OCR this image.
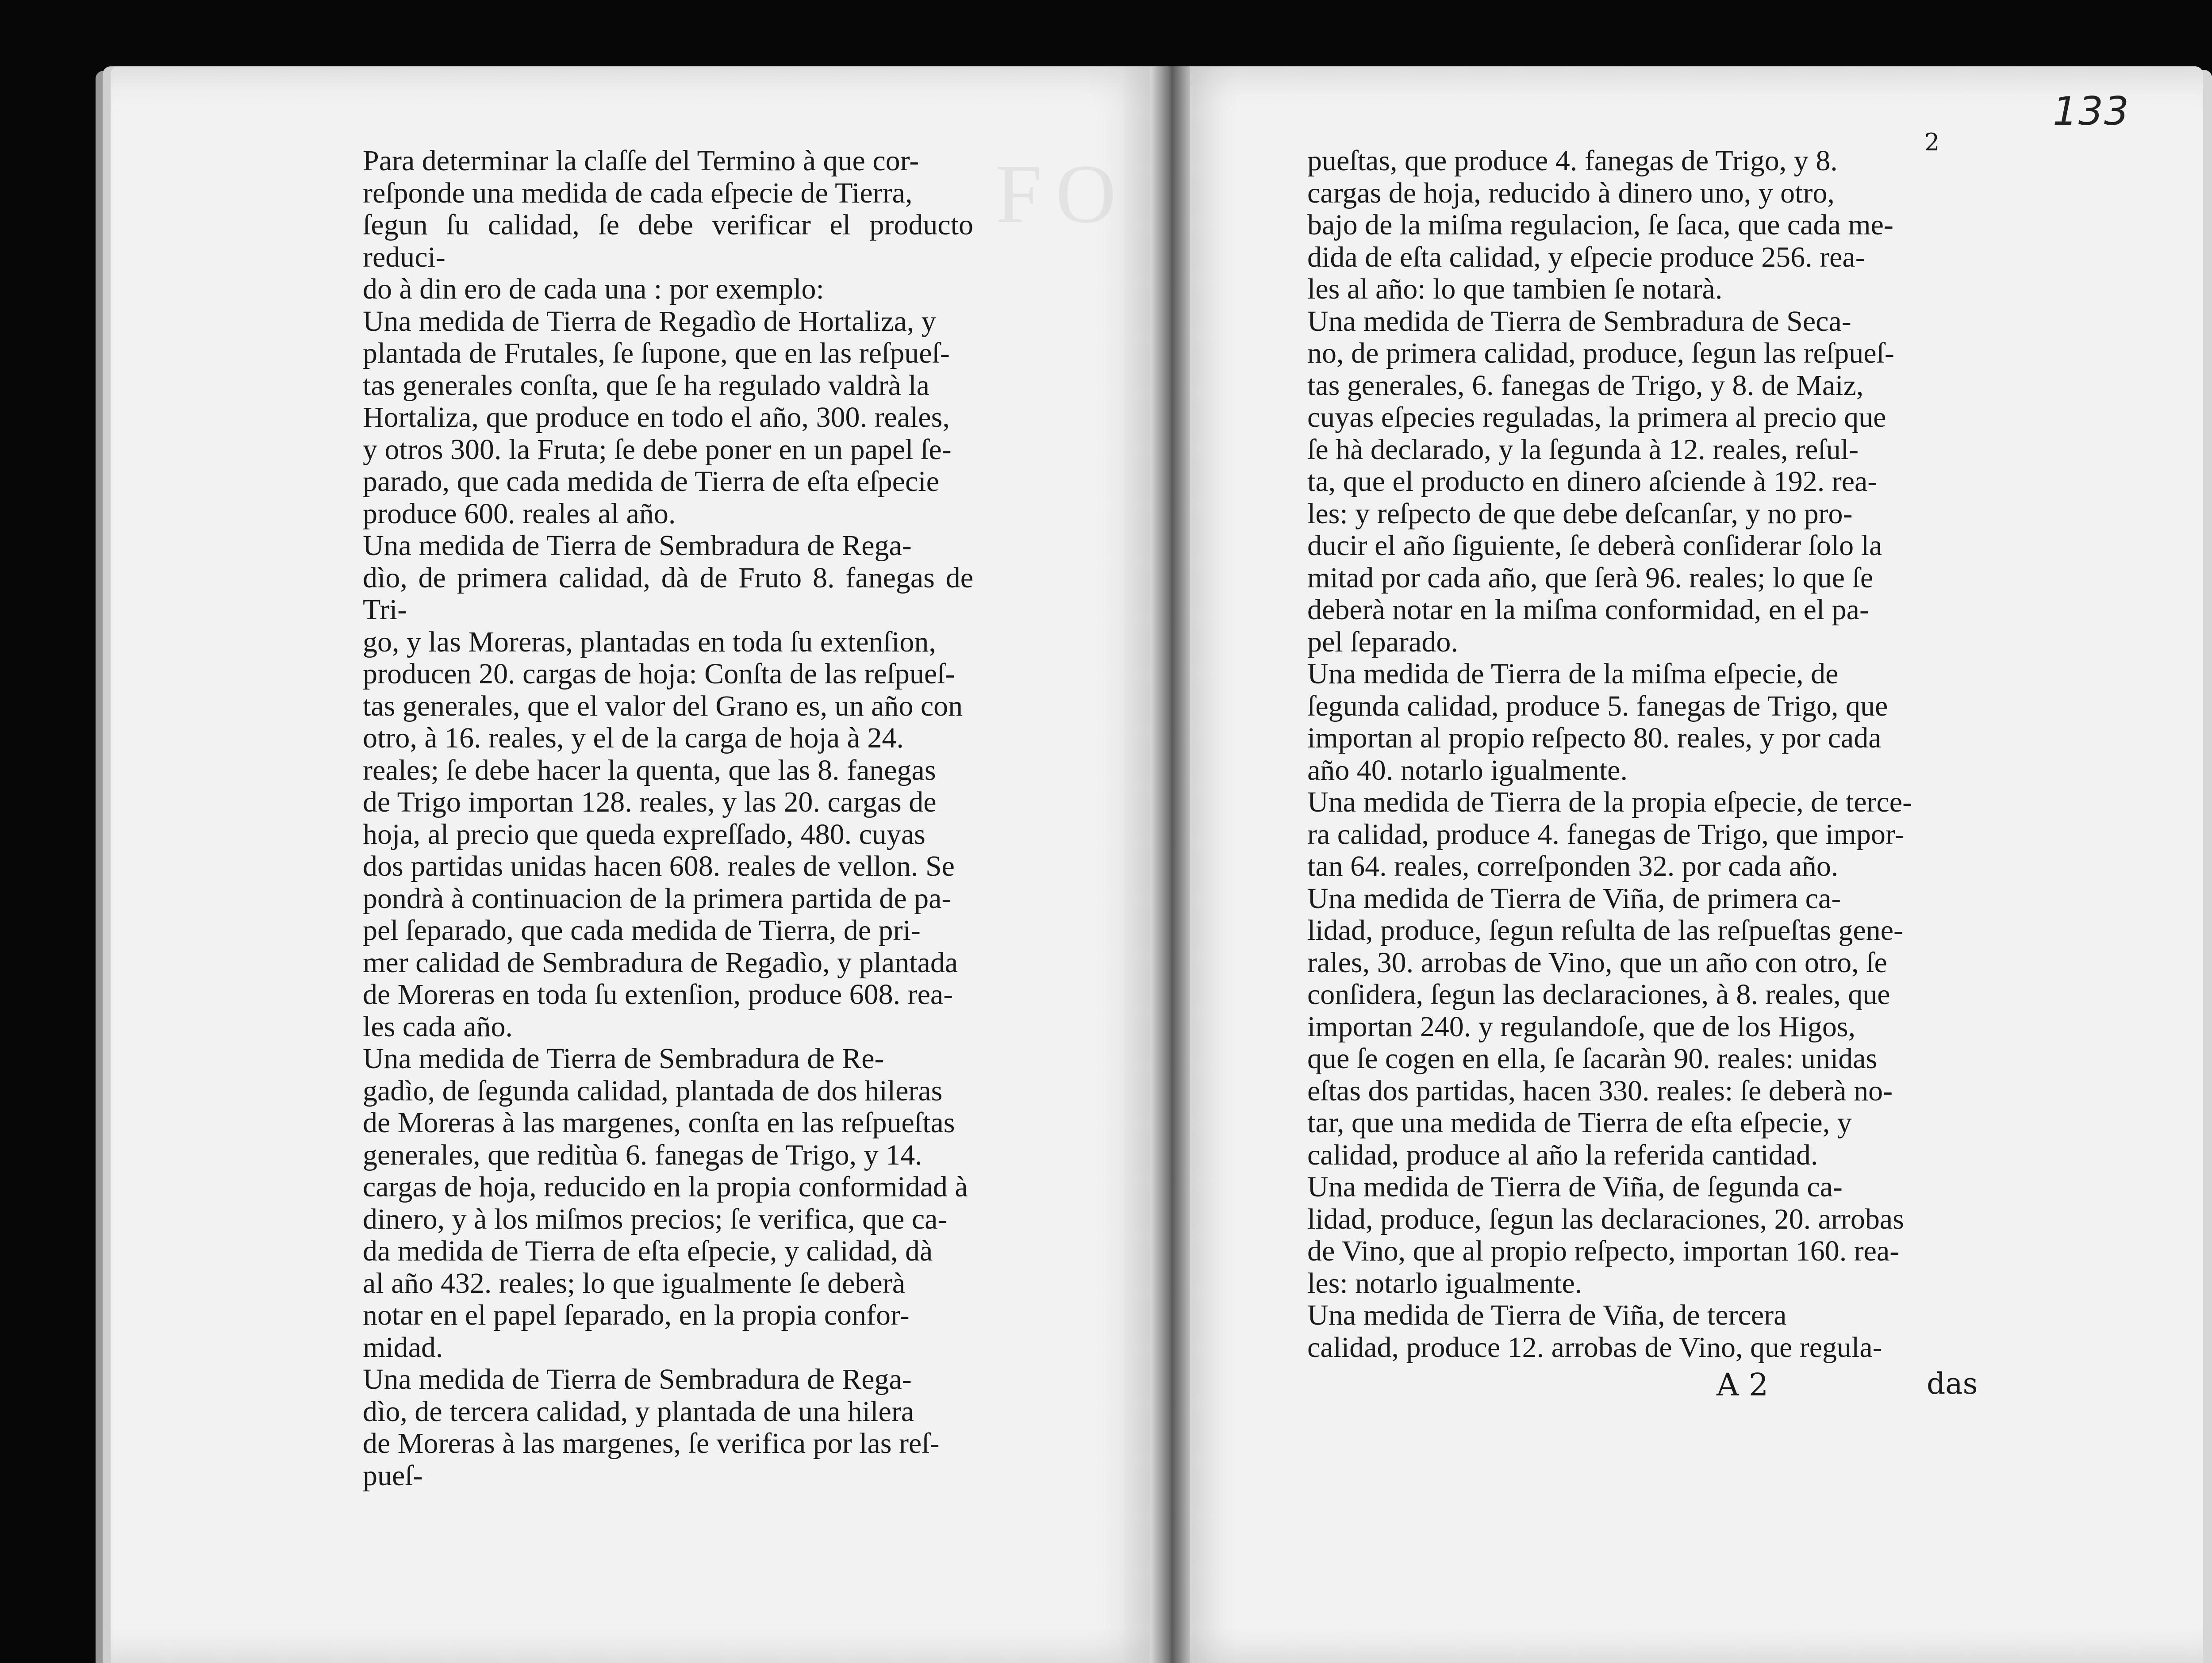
FO
Para determinar la claſſe del Termino à que cor-
reſponde una medida de cada eſpecie de Tierra,
ſegun ſu calidad, ſe debe verificar el producto reduci-
do à din ero de cada una : por exemplo:
Una medida de Tierra de Regadìo de Hortaliza, y
plantada de Frutales, ſe ſupone, que en las reſpueſ-
tas generales conſta, que ſe ha regulado valdrà la
Hortaliza, que produce en todo el año, 300. reales,
y otros 300. la Fruta; ſe debe poner en un papel ſe-
parado, que cada medida de Tierra de eſta eſpecie
produce 600. reales al año.
Una medida de Tierra de Sembradura de Rega-
dìo, de primera calidad, dà de Fruto 8. fanegas de Tri-
go, y las Moreras, plantadas en toda ſu extenſion,
producen 20. cargas de hoja: Conſta de las reſpueſ-
tas generales, que el valor del Grano es, un año con
otro, à 16. reales, y el de la carga de hoja à 24.
reales; ſe debe hacer la quenta, que las 8. fanegas
de Trigo importan 128. reales, y las 20. cargas de
hoja, al precio que queda expreſſado, 480. cuyas
dos partidas unidas hacen 608. reales de vellon. Se
pondrà à continuacion de la primera partida de pa-
pel ſeparado, que cada medida de Tierra, de pri-
mer calidad de Sembradura de Regadìo, y plantada
de Moreras en toda ſu extenſion, produce 608. rea-
les cada año.
Una medida de Tierra de Sembradura de Re-
gadìo, de ſegunda calidad, plantada de dos hileras
de Moreras à las margenes, conſta en las reſpueſtas
generales, que reditùa 6. fanegas de Trigo, y 14.
cargas de hoja, reducido en la propia conformidad à
dinero, y à los miſmos precios; ſe verifica, que ca-
da medida de Tierra de eſta eſpecie, y calidad, dà
al año 432. reales; lo que igualmente ſe deberà
notar en el papel ſeparado, en la propia confor-
midad.
Una medida de Tierra de Sembradura de Rega-
dìo, de tercera calidad, y plantada de una hilera
de Moreras à las margenes, ſe verifica por las reſ-
pueſ-
133
2
pueſtas, que produce 4. fanegas de Trigo, y 8.
cargas de hoja, reducido à dinero uno, y otro,
bajo de la miſma regulacion, ſe ſaca, que cada me-
dida de eſta calidad, y eſpecie produce 256. rea-
les al año: lo que tambien ſe notarà.
Una medida de Tierra de Sembradura de Seca-
no, de primera calidad, produce, ſegun las reſpueſ-
tas generales, 6. fanegas de Trigo, y 8. de Maiz,
cuyas eſpecies reguladas, la primera al precio que
ſe hà declarado, y la ſegunda à 12. reales, reſul-
ta, que el producto en dinero aſciende à 192. rea-
les: y reſpecto de que debe deſcanſar, y no pro-
ducir el año ſiguiente, ſe deberà conſiderar ſolo la
mitad por cada año, que ſerà 96. reales; lo que ſe
deberà notar en la miſma conformidad, en el pa-
pel ſeparado.
Una medida de Tierra de la miſma eſpecie, de
ſegunda calidad, produce 5. fanegas de Trigo, que
importan al propio reſpecto 80. reales, y por cada
año 40. notarlo igualmente.
Una medida de Tierra de la propia eſpecie, de terce-
ra calidad, produce 4. fanegas de Trigo, que impor-
tan 64. reales, correſponden 32. por cada año.
Una medida de Tierra de Viña, de primera ca-
lidad, produce, ſegun reſulta de las reſpueſtas gene-
rales, 30. arrobas de Vino, que un año con otro, ſe
conſidera, ſegun las declaraciones, à 8. reales, que
importan 240. y regulandoſe, que de los Higos,
que ſe cogen en ella, ſe ſacaràn 90. reales: unidas
eſtas dos partidas, hacen 330. reales: ſe deberà no-
tar, que una medida de Tierra de eſta eſpecie, y
calidad, produce al año la referida cantidad.
Una medida de Tierra de Viña, de ſegunda ca-
lidad, produce, ſegun las declaraciones, 20. arrobas
de Vino, que al propio reſpecto, importan 160. rea-
les: notarlo igualmente.
Una medida de Tierra de Viña, de tercera
calidad, produce 12. arrobas de Vino, que regula-
A 2	das
